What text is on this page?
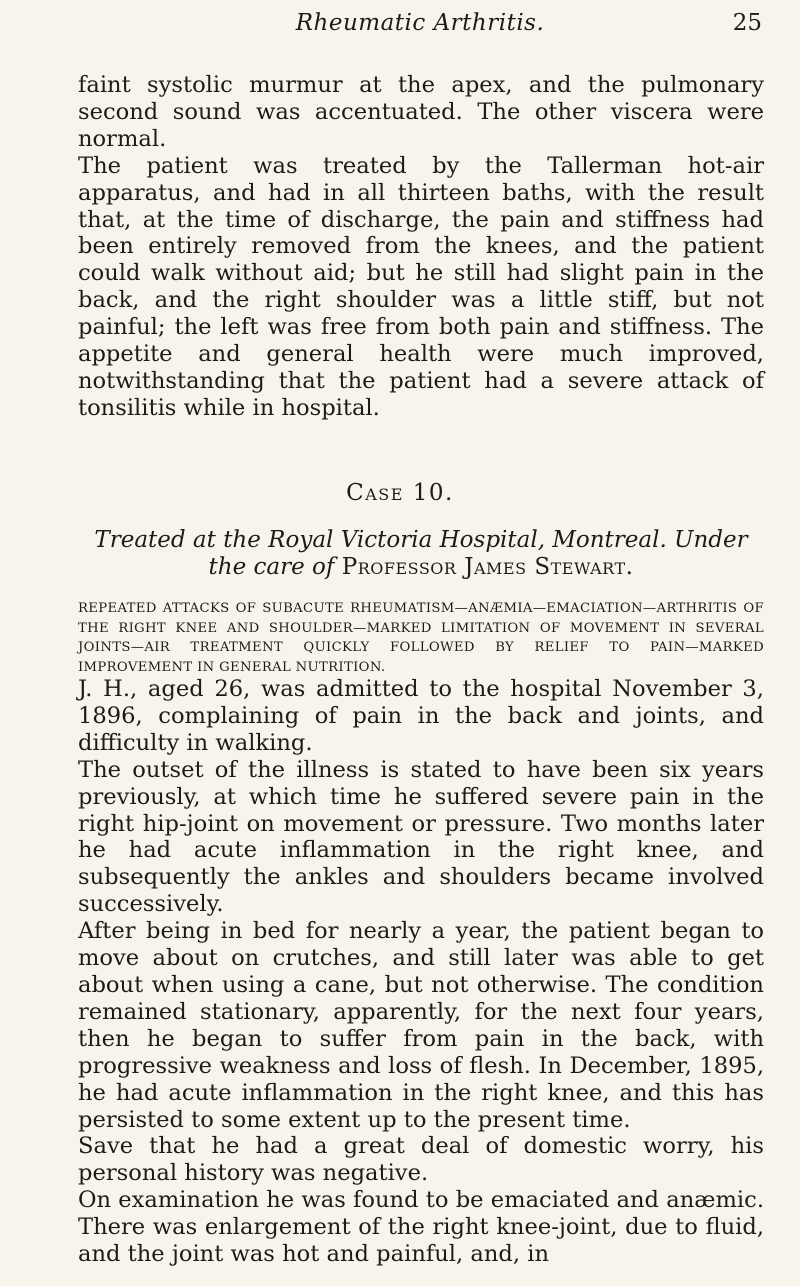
Rheumatic Arthritis.	25

faint systolic murmur at the apex, and the pulmonary second sound was accentuated. The other viscera were normal.

The patient was treated by the Tallerman hot-air apparatus, and had in all thirteen baths, with the result that, at the time of discharge, the pain and stiffness had been entirely removed from the knees, and the patient could walk without aid; but he still had slight pain in the back, and the right shoulder was a little stiff, but not painful; the left was free from both pain and stiffness. The appetite and general health were much improved, notwithstanding that the patient had a severe attack of tonsilitis while in hospital.

Case 10.
Treated at the Royal Victoria Hospital, Montreal. Under the care of Professor James Stewart.
REPEATED ATTACKS OF SUBACUTE RHEUMATISM—ANÆMIA—EMACIATION—ARTHRITIS OF THE RIGHT KNEE AND SHOULDER—MARKED LIMITATION OF MOVEMENT IN SEVERAL JOINTS—AIR TREATMENT QUICKLY FOLLOWED BY RELIEF TO PAIN—MARKED IMPROVEMENT IN GENERAL NUTRITION.

J. H., aged 26, was admitted to the hospital November 3, 1896, complaining of pain in the back and joints, and difficulty in walking.

The outset of the illness is stated to have been six years previously, at which time he suffered severe pain in the right hip-joint on movement or pressure. Two months later he had acute inflammation in the right knee, and subsequently the ankles and shoulders became involved successively.

After being in bed for nearly a year, the patient began to move about on crutches, and still later was able to get about when using a cane, but not otherwise. The condition remained stationary, apparently, for the next four years, then he began to suffer from pain in the back, with progressive weakness and loss of flesh. In December, 1895, he had acute inflammation in the right knee, and this has persisted to some extent up to the present time.

Save that he had a great deal of domestic worry, his personal history was negative.

On examination he was found to be emaciated and anæmic. There was enlargement of the right knee-joint, due to fluid, and the joint was hot and painful, and, in
